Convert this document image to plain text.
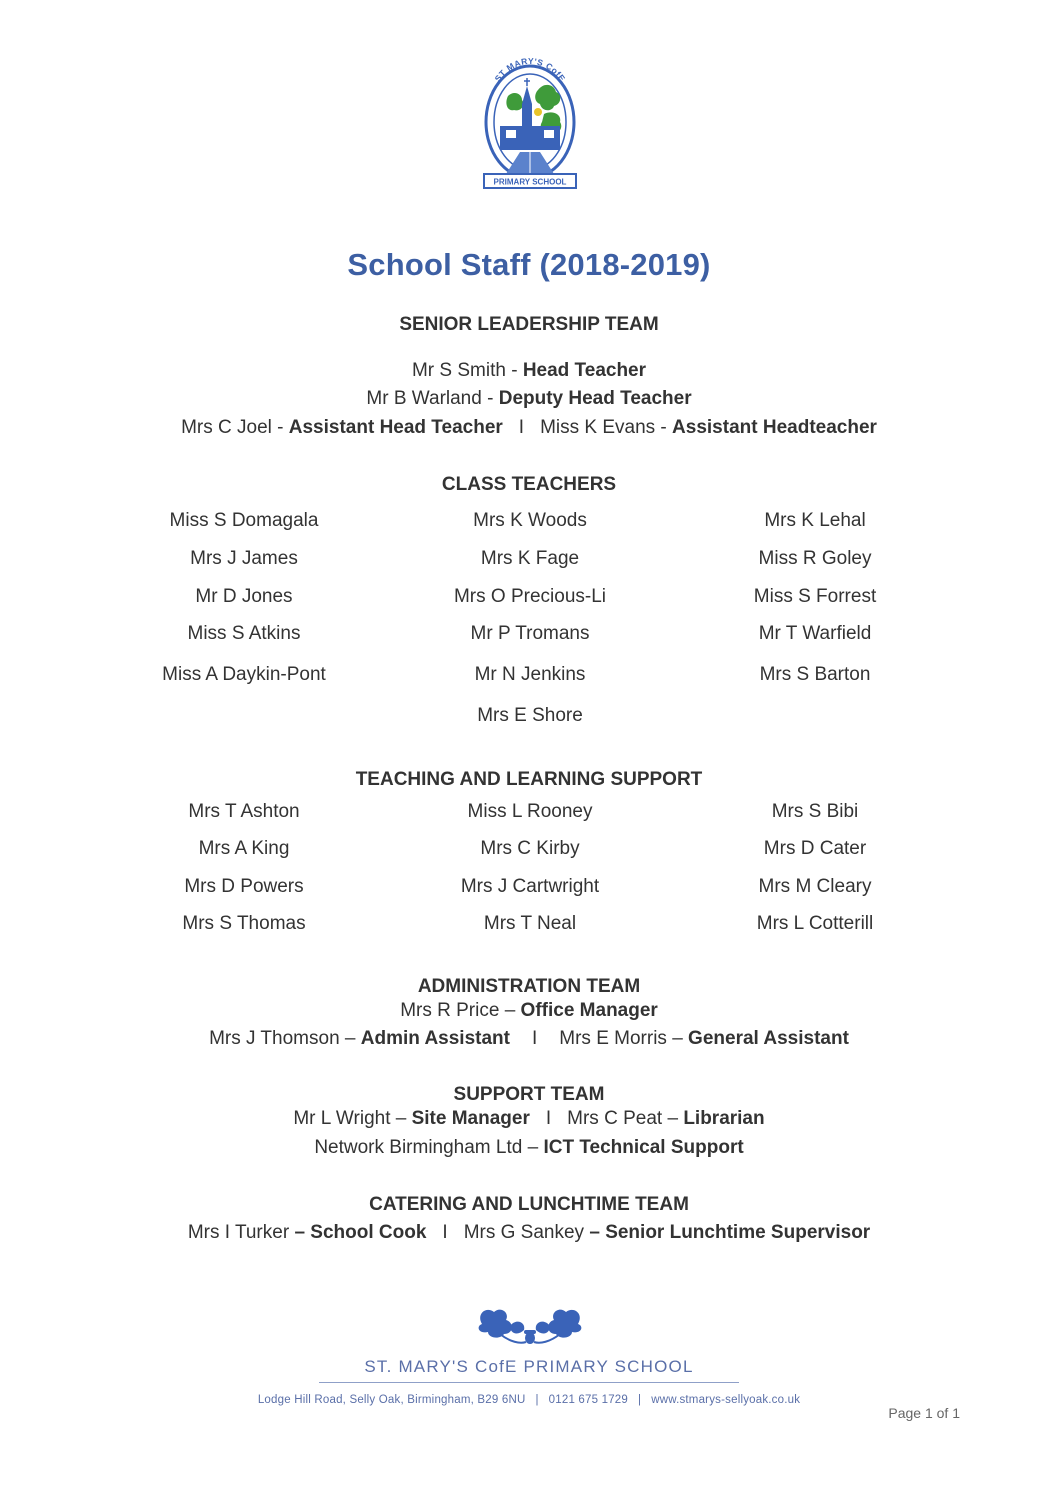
ST MARY'S CofE
PRIMARY SCHOOL
School Staff (2018-2019)
SENIOR LEADERSHIP TEAM
Mr S Smith - Head Teacher
Mr B Warland - Deputy Head Teacher
Mrs C Joel - Assistant Head Teacher I Miss K Evans - Assistant Headteacher
CLASS TEACHERS
Miss S Domagala	Mrs K Woods	Mrs K Lehal
Mrs J James	Mrs K Fage	Miss R Goley
Mr D Jones	Mrs O Precious-Li	Miss S Forrest
Miss S Atkins	Mr P Tromans	Mr T Warfield
Miss A Daykin-Pont	Mr N Jenkins	Mrs S Barton
Mrs E Shore
TEACHING AND LEARNING SUPPORT
Mrs T Ashton	Miss L Rooney	Mrs S Bibi
Mrs A King	Mrs C Kirby	Mrs D Cater
Mrs D Powers	Mrs J Cartwright	Mrs M Cleary
Mrs S Thomas	Mrs T Neal	Mrs L Cotterill
ADMINISTRATION TEAM
Mrs R Price – Office Manager
Mrs J Thomson – Admin Assistant I Mrs E Morris – General Assistant
SUPPORT TEAM
Mr L Wright – Site Manager I Mrs C Peat – Librarian
Network Birmingham Ltd – ICT Technical Support
CATERING AND LUNCHTIME TEAM
Mrs I Turker – School Cook I Mrs G Sankey – Senior Lunchtime Supervisor
ST. MARY'S CofE PRIMARY SCHOOL
Lodge Hill Road, Selly Oak, Birmingham, B29 6NU | 0121 675 1729 | www.stmarys-sellyoak.co.uk
Page 1 of 1
